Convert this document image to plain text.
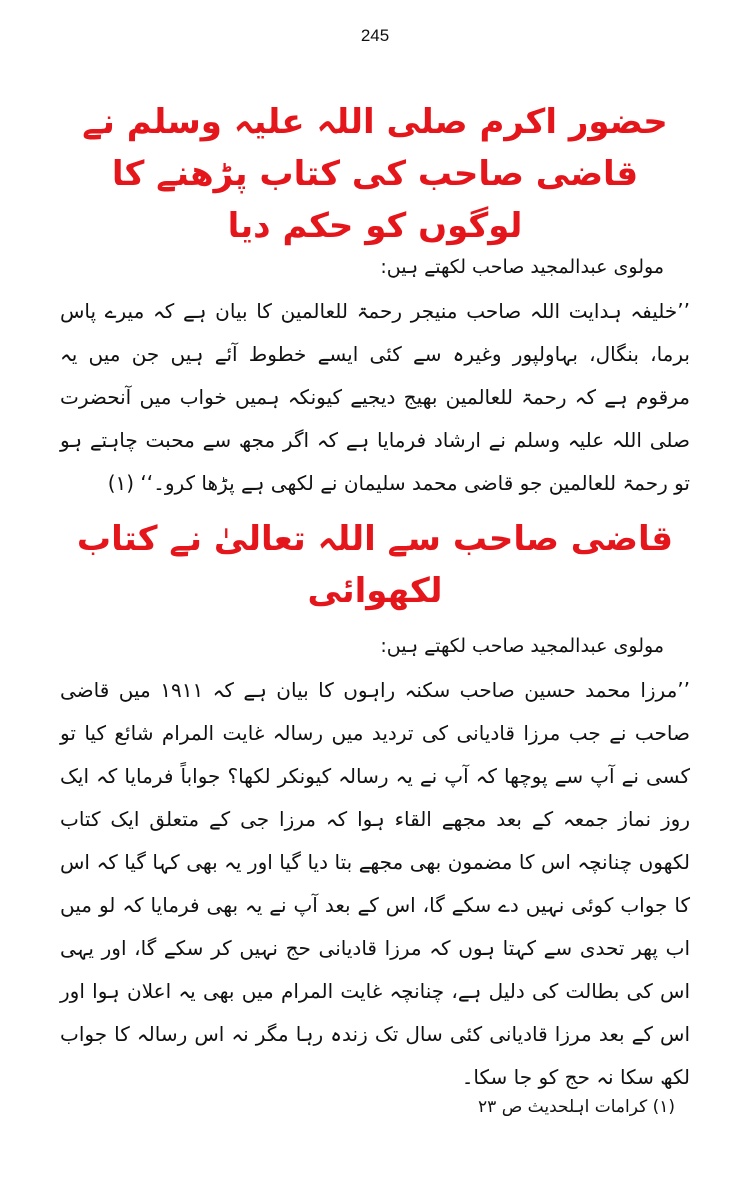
245
حضور اکرم صلی اللہ علیہ وسلم نے قاضی صاحب کی کتاب پڑھنے کا لوگوں کو حکم دیا

مولوی عبدالمجید صاحب لکھتے ہیں:

’’خلیفہ ہدایت اللہ صاحب منیجر رحمۃ للعالمین کا بیان ہے کہ میرے پاس برما، بنگال، بہاولپور وغیرہ سے کئی ایسے خطوط آئے ہیں جن میں یہ مرقوم ہے کہ رحمۃ للعالمین بھیج دیجیے کیونکہ ہمیں خواب میں آنحضرت صلی اللہ علیہ وسلم نے ارشاد فرمایا ہے کہ اگر مجھ سے محبت چاہتے ہو تو رحمۃ للعالمین جو قاضی محمد سلیمان نے لکھی ہے پڑھا کرو۔‘‘ (۱)

قاضی صاحب سے اللہ تعالیٰ نے کتاب لکھوائی

مولوی عبدالمجید صاحب لکھتے ہیں:

’’مرزا محمد حسین صاحب سکنہ راہوں کا بیان ہے کہ ۱۹۱۱ میں قاضی صاحب نے جب مرزا قادیانی کی تردید میں رسالہ غایت المرام شائع کیا تو کسی نے آپ سے پوچھا کہ آپ نے یہ رسالہ کیونکر لکھا؟ جواباً فرمایا کہ ایک روز نماز جمعہ کے بعد مجھے القاء ہوا کہ مرزا جی کے متعلق ایک کتاب لکھوں چنانچہ اس کا مضمون بھی مجھے بتا دیا گیا اور یہ بھی کہا گیا کہ اس کا جواب کوئی نہیں دے سکے گا، اس کے بعد آپ نے یہ بھی فرمایا کہ لو میں اب پھر تحدی سے کہتا ہوں کہ مرزا قادیانی حج نہیں کر سکے گا، اور یہی اس کی بطالت کی دلیل ہے، چنانچہ غایت المرام میں بھی یہ اعلان ہوا اور اس کے بعد مرزا قادیانی کئی سال تک زندہ رہا مگر نہ اس رسالہ کا جواب لکھ سکا نہ حج کو جا سکا۔

(۱) کرامات اہلحدیث ص ۲۳
